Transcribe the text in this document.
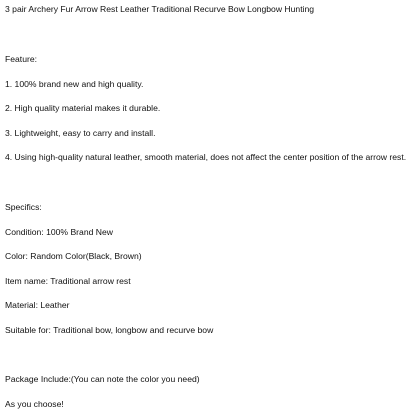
3 pair Archery Fur Arrow Rest Leather Traditional Recurve Bow Longbow Hunting
Feature:
1. 100% brand new and high quality.
2. High quality material makes it durable.
3. Lightweight, easy to carry and install.
4. Using high-quality natural leather, smooth material, does not affect the center position of the arrow rest.
Specifics:
Condition: 100% Brand New
Color: Random Color(Black, Brown)
Item name: Traditional arrow rest
Material: Leather
Suitable for: Traditional bow, longbow and recurve bow
Package Include:(You can note the color you need)
As you choose!
